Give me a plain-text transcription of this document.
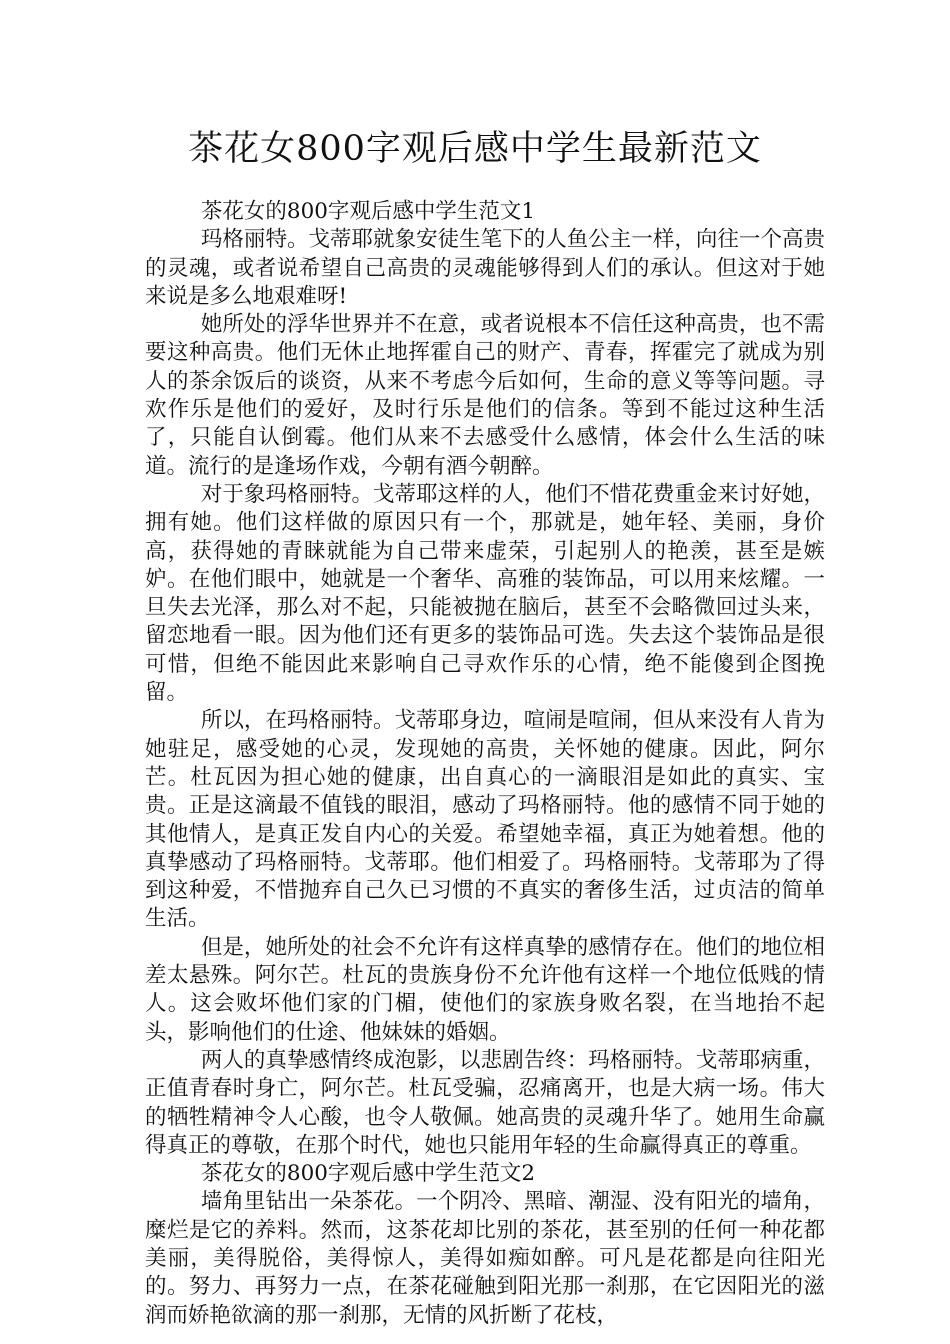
茶花女800字观后感中学生最新范文

茶花女的800字观后感中学生范文1

玛格丽特。戈蒂耶就象安徒生笔下的人鱼公主一样，向往一个高贵的灵魂，或者说希望自己高贵的灵魂能够得到人们的承认。但这对于她来说是多么地艰难呀!

她所处的浮华世界并不在意，或者说根本不信任这种高贵，也不需要这种高贵。他们无休止地挥霍自己的财产、青春，挥霍完了就成为别人的茶余饭后的谈资，从来不考虑今后如何，生命的意义等等问题。寻欢作乐是他们的爱好，及时行乐是他们的信条。等到不能过这种生活了，只能自认倒霉。他们从来不去感受什么感情，体会什么生活的味道。流行的是逢场作戏，今朝有酒今朝醉。

对于象玛格丽特。戈蒂耶这样的人，他们不惜花费重金来讨好她，拥有她。他们这样做的原因只有一个，那就是，她年轻、美丽，身价高，获得她的青睐就能为自己带来虚荣，引起别人的艳羡，甚至是嫉妒。在他们眼中，她就是一个奢华、高雅的装饰品，可以用来炫耀。一旦失去光泽，那么对不起，只能被抛在脑后，甚至不会略微回过头来，留恋地看一眼。因为他们还有更多的装饰品可选。失去这个装饰品是很可惜，但绝不能因此来影响自己寻欢作乐的心情，绝不能傻到企图挽留。

所以，在玛格丽特。戈蒂耶身边，喧闹是喧闹，但从来没有人肯为她驻足，感受她的心灵，发现她的高贵，关怀她的健康。因此，阿尔芒。杜瓦因为担心她的健康，出自真心的一滴眼泪是如此的真实、宝贵。正是这滴最不值钱的眼泪，感动了玛格丽特。他的感情不同于她的其他情人，是真正发自内心的关爱。希望她幸福，真正为她着想。他的真挚感动了玛格丽特。戈蒂耶。他们相爱了。玛格丽特。戈蒂耶为了得到这种爱，不惜抛弃自己久已习惯的不真实的奢侈生活，过贞洁的简单生活。

但是，她所处的社会不允许有这样真挚的感情存在。他们的地位相差太悬殊。阿尔芒。杜瓦的贵族身份不允许他有这样一个地位低贱的情人。这会败坏他们家的门楣，使他们的家族身败名裂，在当地抬不起头，影响他们的仕途、他妹妹的婚姻。

两人的真挚感情终成泡影，以悲剧告终：玛格丽特。戈蒂耶病重，正值青春时身亡，阿尔芒。杜瓦受骗，忍痛离开，也是大病一场。伟大的牺牲精神令人心酸，也令人敬佩。她高贵的灵魂升华了。她用生命赢得真正的尊敬，在那个时代，她也只能用年轻的生命赢得真正的尊重。

茶花女的800字观后感中学生范文2

墙角里钻出一朵茶花。一个阴冷、黑暗、潮湿、没有阳光的墙角，糜烂是它的养料。然而，这茶花却比别的茶花，甚至别的任何一种花都美丽，美得脱俗，美得惊人，美得如痴如醉。可凡是花都是向往阳光的。努力、再努力一点，在茶花碰触到阳光那一刹那，在它因阳光的滋润而娇艳欲滴的那一刹那，无情的风折断了花枝，
